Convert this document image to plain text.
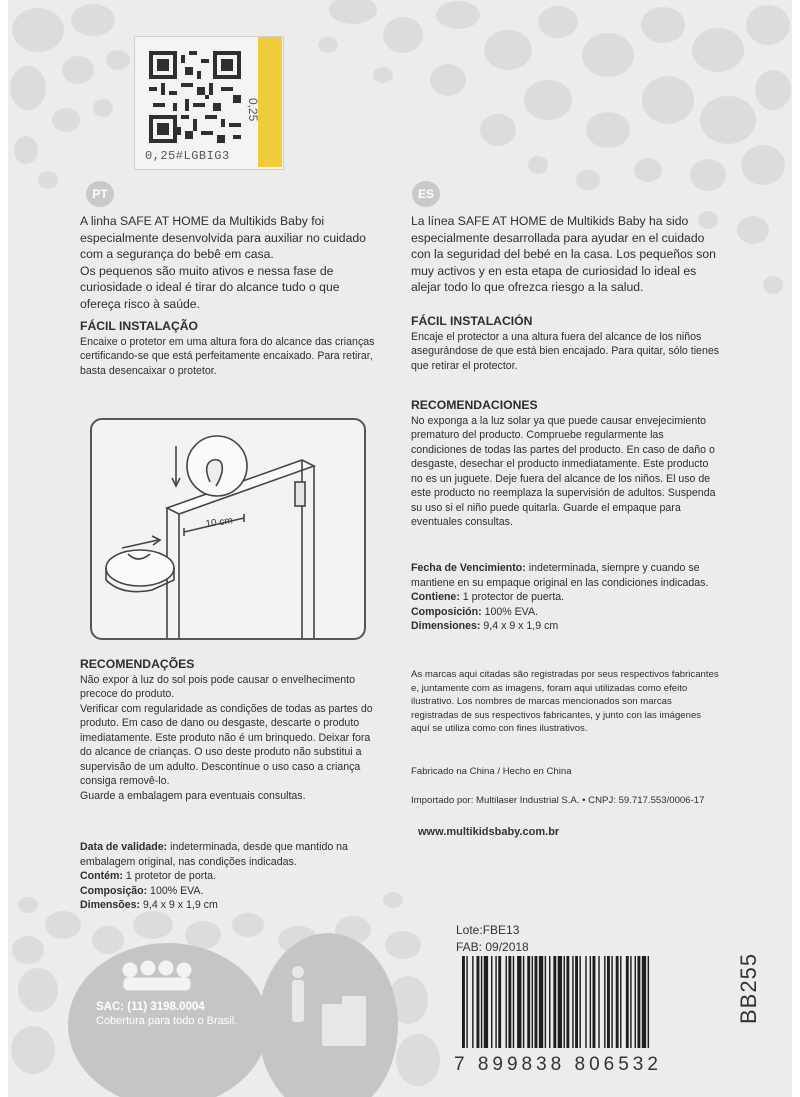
0,25#LGBIG3
0,25
PT

A linha SAFE AT HOME da Multikids Baby foi especialmente desenvolvida para auxiliar no cuidado com a segurança do bebê em casa.

Os pequenos são muito ativos e nessa fase de curiosidade o ideal é tirar do alcance tudo o que ofereça risco à saúde.

FÁCIL INSTALAÇÃO

Encaixe o protetor em uma altura fora do alcance das crianças certificando-se que está perfeitamente encaixado. Para retirar, basta desencaixar o protetor.

10 cm

RECOMENDAÇÕES

Não expor à luz do sol pois pode causar o envelhecimento precoce do produto.

Verificar com regularidade as condições de todas as partes do produto. Em caso de dano ou desgaste, descarte o produto imediatamente. Este produto não é um brinquedo. Deixar fora do alcance de crianças. O uso deste produto não substitui a supervisão de um adulto. Descontinue o uso caso a criança consiga removê-lo.

Guarde a embalagem para eventuais consultas.

Data de validade: indeterminada, desde que mantido na embalagem original, nas condições indicadas.

Contém: 1 protetor de porta.

Composição: 100% EVA.

Dimensões: 9,4 x 9 x 1,9 cm

ES

La línea SAFE AT HOME de Multikids Baby ha sido especialmente desarrollada para ayudar en el cuidado con la seguridad del bebé en la casa. Los pequeños son muy activos y en esta etapa de curiosidad lo ideal es alejar todo lo que ofrezca riesgo a la salud.

FÁCIL INSTALACIÓN

Encaje el protector a una altura fuera del alcance de los niños asegurándose de que está bien encajado. Para quitar, sólo tienes que retirar el protector.

RECOMENDACIONES

No exponga a la luz solar ya que puede causar envejecimiento prematuro del producto. Compruebe regularmente las condiciones de todas las partes del producto. En caso de daño o desgaste, desechar el producto inmediatamente. Este producto no es un juguete. Deje fuera del alcance de los niños. El uso de este producto no reemplaza la supervisión de adultos. Suspenda su uso si el niño puede quitarla. Guarde el empaque para eventuales consultas.

Fecha de Vencimiento: indeterminada, siempre y cuando se mantiene en su empaque original en las condiciones indicadas.

Contiene: 1 protector de puerta.

Composición: 100% EVA.

Dimensiones: 9,4 x 9 x 1,9 cm

As marcas aqui citadas são registradas por seus respectivos fabricantes e, juntamente com as imagens, foram aqui utilizadas como efeito ilustrativo. Los nombres de marcas mencionados son marcas registradas de sus respectivos fabricantes, y junto con las imágenes aquí se utiliza como con fines ilustrativos.
Fabricado na China / Hecho en China
Importado por: Multilaser Industrial S.A. • CNPJ: 59.717.553/0006-17
www.multikidsbaby.com.br
Lote:FBE13
FAB: 09/2018
7 899838 806532
BB255
SAC: (11) 3198.0004
Cobertura para todo o Brasil.
